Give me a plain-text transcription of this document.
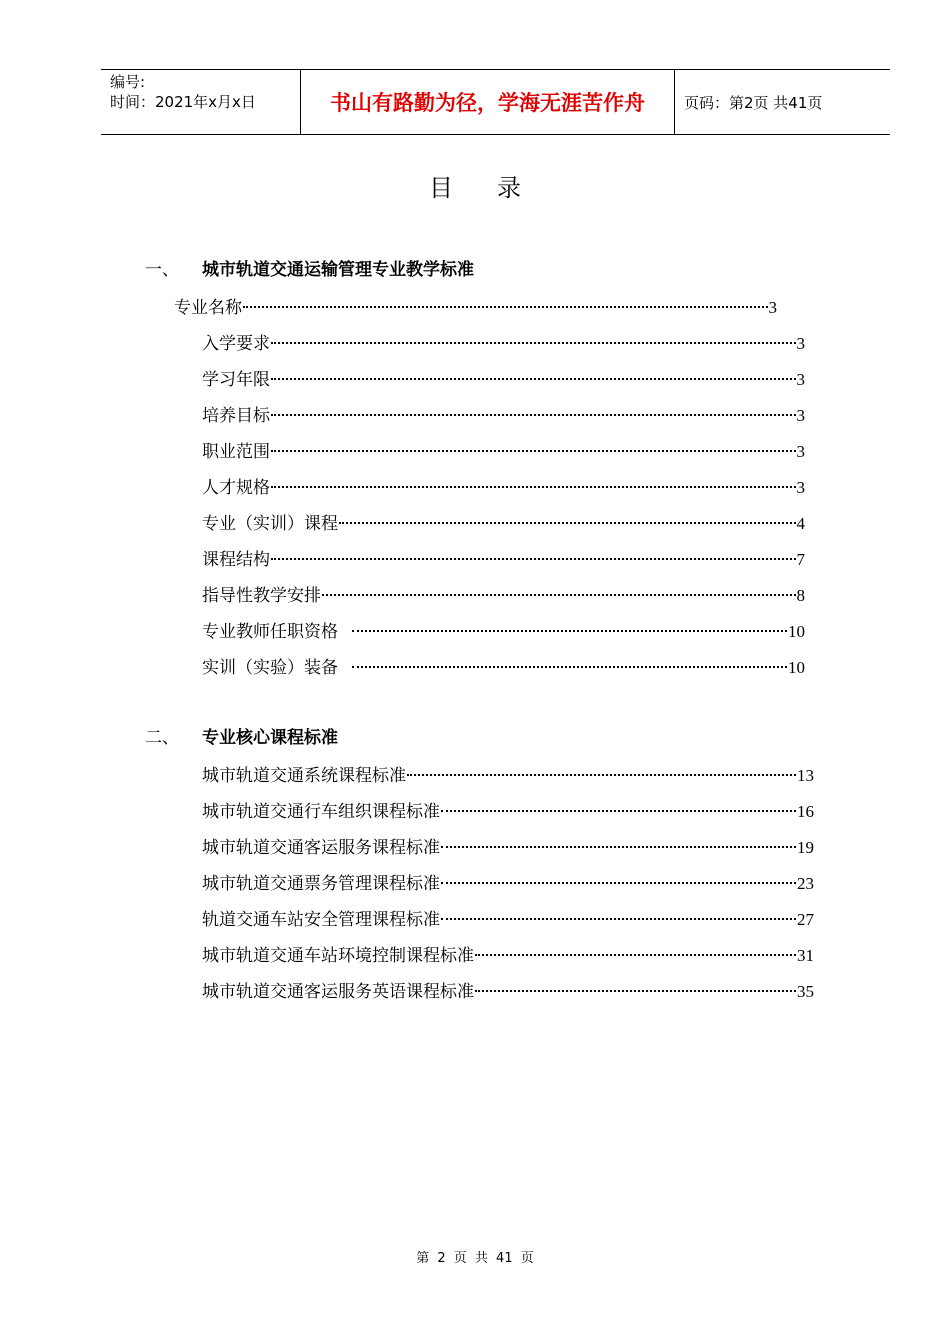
编号:
时间：2021年x月x日	书山有路勤为径，学海无涯苦作舟	页码：第2页 共41页
目录
一、 城市轨道交通运输管理专业教学标准
专业名称	3
入学要求	3
学习年限	3
培养目标	3
职业范围	3
人才规格	3
专业（实训）课程	4
课程结构	7
指导性教学安排	8
专业教师任职资格	10
实训（实验）装备	10
二、 专业核心课程标准
城市轨道交通系统课程标准	13
城市轨道交通行车组织课程标准	16
城市轨道交通客运服务课程标准	19
城市轨道交通票务管理课程标准	23
轨道交通车站安全管理课程标准	27
城市轨道交通车站环境控制课程标准	31
城市轨道交通客运服务英语课程标准	35
第 2 页 共 41 页
